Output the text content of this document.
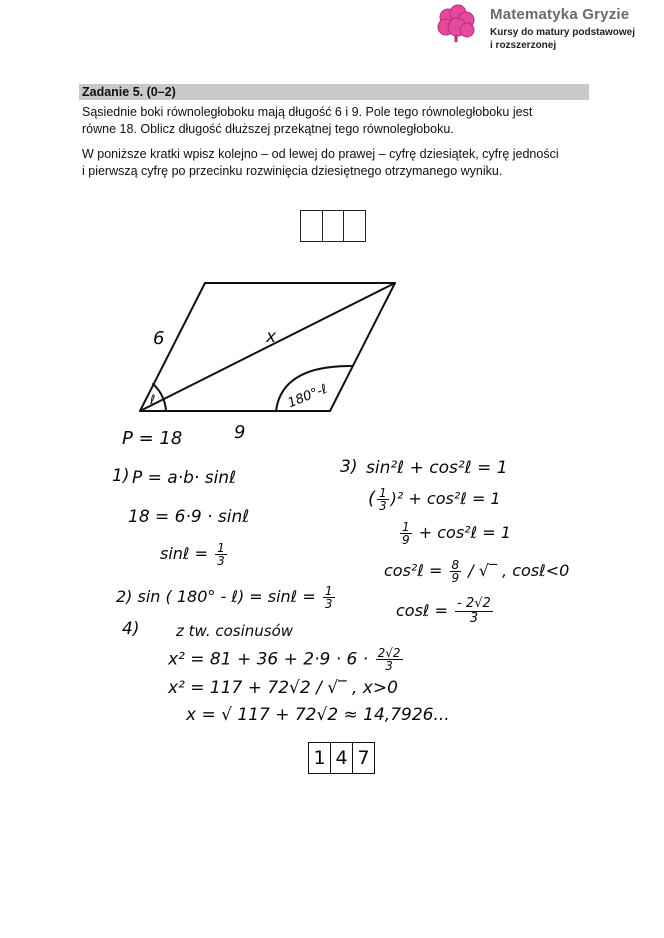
Matematyka Gryzie
Kursy do matury podstawowej
i rozszerzonej
Zadanie 5. (0–2)
Sąsiednie boki równoległoboku mają długość 6 i 9. Pole tego równoległoboku jest
równe 18. Oblicz długość dłuższej przekątnej tego równoległoboku.
W poniższe kratki wpisz kolejno – od lewej do prawej – cyfrę dziesiątek, cyfrę jedności
i pierwszą cyfrę po przecinku rozwinięcia dziesiętnego otrzymanego wyniku.
6	x
9
ℓ	180°-ℓ
P = 18
1) P = a·b· sinℓ
18 = 6·9 · sinℓ
sinℓ = $\frac{1}{3}$
2) sin ( 180° - ℓ) = sinℓ = $\frac{1}{3}$
3) sin²ℓ + cos²ℓ = 1
( $\frac{1}{3} )^2$ + cos²ℓ = 1
$\frac{1}{9}$ + cos²ℓ = 1
cos²ℓ = $\frac{8}{9}$ / √‾ , cosℓ<0
cosℓ = $\frac{- 2√2}{3}$
4) z tw. cosinusów
$x^2 = 81 + 36 + 2\cdot 9 \cdot 6 \cdot \frac{2√2}{3}$
x² = 117 + 72√2 / √‾ , x>0
x = √ 117 + 72√2 ≈ 14,7926...
1 4 7
